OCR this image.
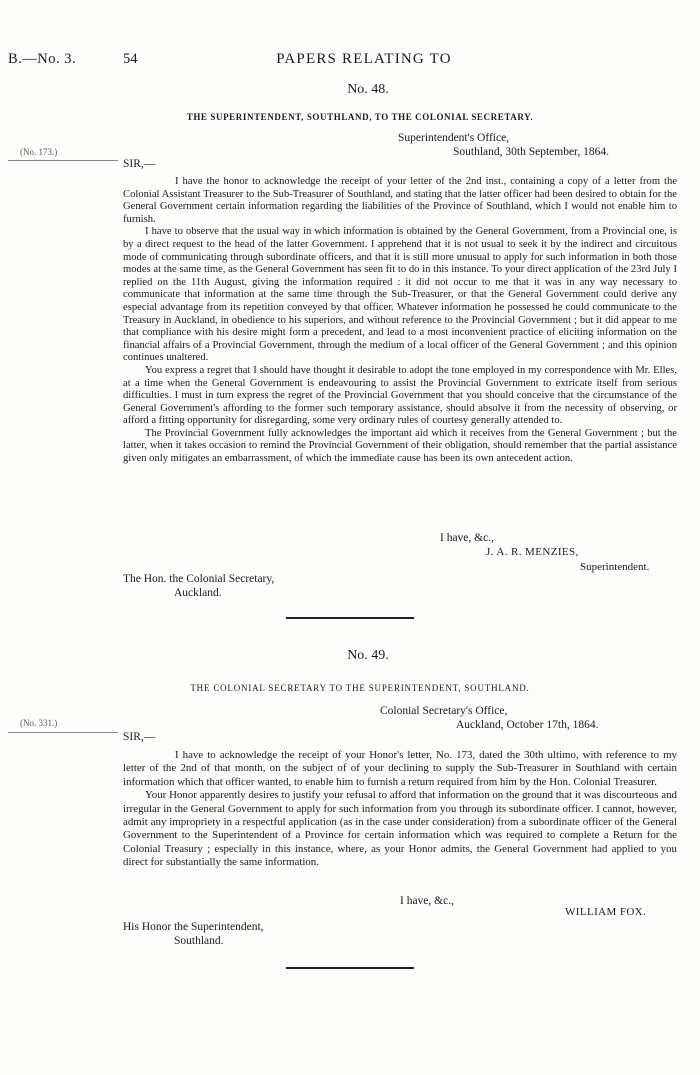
B.—No. 3.	54	PAPERS RELATING TO
No. 48.
THE SUPERINTENDENT, SOUTHLAND, TO THE COLONIAL SECRETARY.
Superintendent's Office,
Southland, 30th September, 1864.
(No. 173.)
SIR,—

I have the honor to acknowledge the receipt of your letter of the 2nd inst., containing a copy of a letter from the Colonial Assistant Treasurer to the Sub-Treasurer of Southland, and stating that the latter officer had been desired to obtain for the General Government certain information regarding the liabilities of the Province of Southland, which I would not enable him to furnish.

I have to observe that the usual way in which information is obtained by the General Government, from a Provincial one, is by a direct request to the head of the latter Government. I apprehend that it is not usual to seek it by the indirect and circuitous mode of communicating through subordinate officers, and that it is still more unusual to apply for such information in both those modes at the same time, as the General Government has seen fit to do in this instance. To your direct application of the 23rd July I replied on the 11th August, giving the information required : it did not occur to me that it was in any way necessary to communicate that information at the same time through the Sub-Treasurer, or that the General Government could derive any especial advantage from its repetition conveyed by that officer. Whatever information he possessed he could communicate to the Treasury in Auckland, in obedience to his superiors, and without reference to the Provincial Government ; but it did appear to me that compliance with his desire might form a precedent, and lead to a most inconvenient practice of eliciting information on the financial affairs of a Provincial Government, through the medium of a local officer of the General Government ; and this opinion continues unaltered.

You express a regret that I should have thought it desirable to adopt the tone employed in my correspondence with Mr. Elles, at a time when the General Government is endeavouring to assist the Provincial Government to extricate itself from serious difficulties. I must in turn express the regret of the Provincial Government that you should conceive that the circumstance of the General Government's affording to the former such temporary assistance, should absolve it from the necessity of observing, or afford a fitting opportunity for disregarding, some very ordinary rules of courtesy generally attended to.

The Provincial Government fully acknowledges the important aid which it receives from the General Government ; but the latter, when it takes occasion to remind the Provincial Government of their obligation, should remember that the partial assistance given only mitigates an embarrassment, of which the immediate cause has been its own antecedent action.

I have, &c.,
J. A. R. MENZIES,
Superintendent.
The Hon. the Colonial Secretary,
Auckland.
No. 49.
THE COLONIAL SECRETARY TO THE SUPERINTENDENT, SOUTHLAND.
Colonial Secretary's Office,
Auckland, October 17th, 1864.
(No. 331.)
SIR,—

I have to acknowledge the receipt of your Honor's letter, No. 173, dated the 30th ultimo, with reference to my letter of the 2nd of that month, on the subject of of your declining to supply the Sub-Treasurer in Southland with certain information which that officer wanted, to enable him to furnish a return required from him by the Hon. Colonial Treasurer.

Your Honor apparently desires to justify your refusal to afford that information on the ground that it was discourteous and irregular in the General Government to apply for such information from you through its subordinate officer. I cannot, however, admit any impropriety in a respectful application (as in the case under consideration) from a subordinate officer of the General Government to the Superintendent of a Province for certain information which was required to complete a Return for the Colonial Treasury ; especially in this instance, where, as your Honor admits, the General Government had applied to you direct for substantially the same information.

I have, &c.,
WILLIAM FOX.
His Honor the Superintendent,
Southland.
